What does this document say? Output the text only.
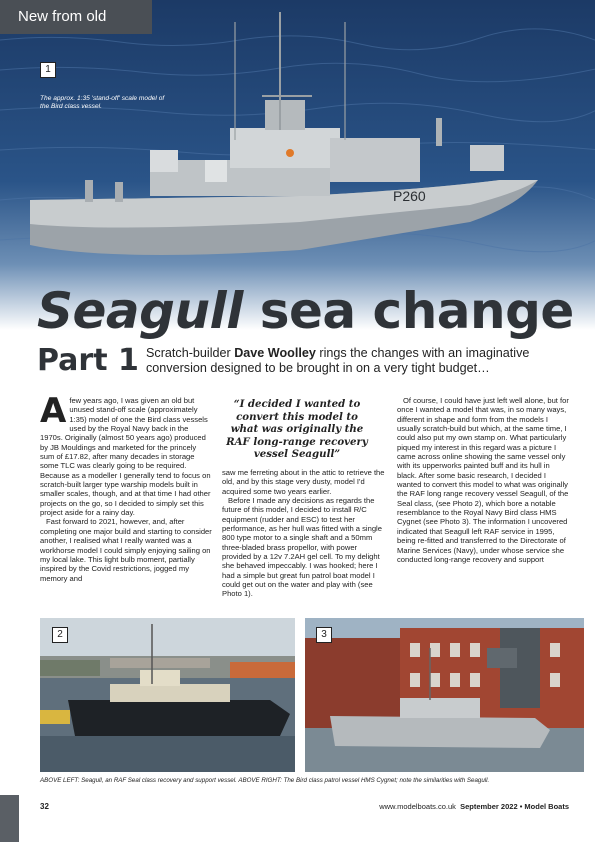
P260
New from old
1
The approx. 1:35 'stand-off' scale model of the Bird class vessel.
Seagull sea change
Part 1 Scratch-builder Dave Woolley rings the changes with an imaginative conversion designed to be brought in on a very tight budget…

Afew years ago, I was given an old but unused stand-off scale (approximately 1:35) model of one the Bird class vessels used by the Royal Navy back in the 1970s. Originally (almost 50 years ago) produced by JB Mouldings and marketed for the princely sum of £17.82, after many decades in storage some TLC was clearly going to be required. Because as a modeller I generally tend to focus on scratch-built larger type warship models built in smaller scales, though, and at that time I had other projects on the go, so I decided to simply set this project aside for a rainy day.

Fast forward to 2021, however, and, after completing one major build and starting to consider another, I realised what I really wanted was a workhorse model I could simply enjoying sailing on my local lake. This light bulb moment, partially inspired by the Covid restrictions, jogged my memory and

“I decided I wanted to convert this model to what was originally the RAF long-range recovery vessel Seagull”

saw me ferreting about in the attic to retrieve the old, and by this stage very dusty, model I'd acquired some two years earlier.

Before I made any decisions as regards the future of this model, I decided to install R/C equipment (rudder and ESC) to test her performance, as her hull was fitted with a single 800 type motor to a single shaft and a 50mm three-bladed brass propellor, with power provided by a 12v 7.2AH gel cell. To my delight she behaved impeccably. I was hooked; here I had a simple but great fun patrol boat model I could get out on the water and play with (see Photo 1).

Of course, I could have just left well alone, but for once I wanted a model that was, in so many ways, different in shape and form from the models I usually scratch-build but which, at the same time, I could also put my own stamp on. What particularly piqued my interest in this regard was a picture I came across online showing the same vessel only with its upperworks painted buff and its hull in black. After some basic research, I decided I wanted to convert this model to what was originally the RAF long range recovery vessel Seagull, of the Seal class, (see Photo 2), which bore a notable resemblance to the Royal Navy Bird class HMS Cygnet (see Photo 3). The information I uncovered indicated that Seagull left RAF service in 1995, being re-fitted and transferred to the Directorate of Marine Services (Navy), under whose service she conducted long-range recovery and support

2	3
ABOVE LEFT: Seagull, an RAF Seal class recovery and support vessel. ABOVE RIGHT: The Bird class patrol vessel HMS Cygnet; note the similarities with Seagull.
32	www.modelboats.co.uk September 2022 • Model Boats
